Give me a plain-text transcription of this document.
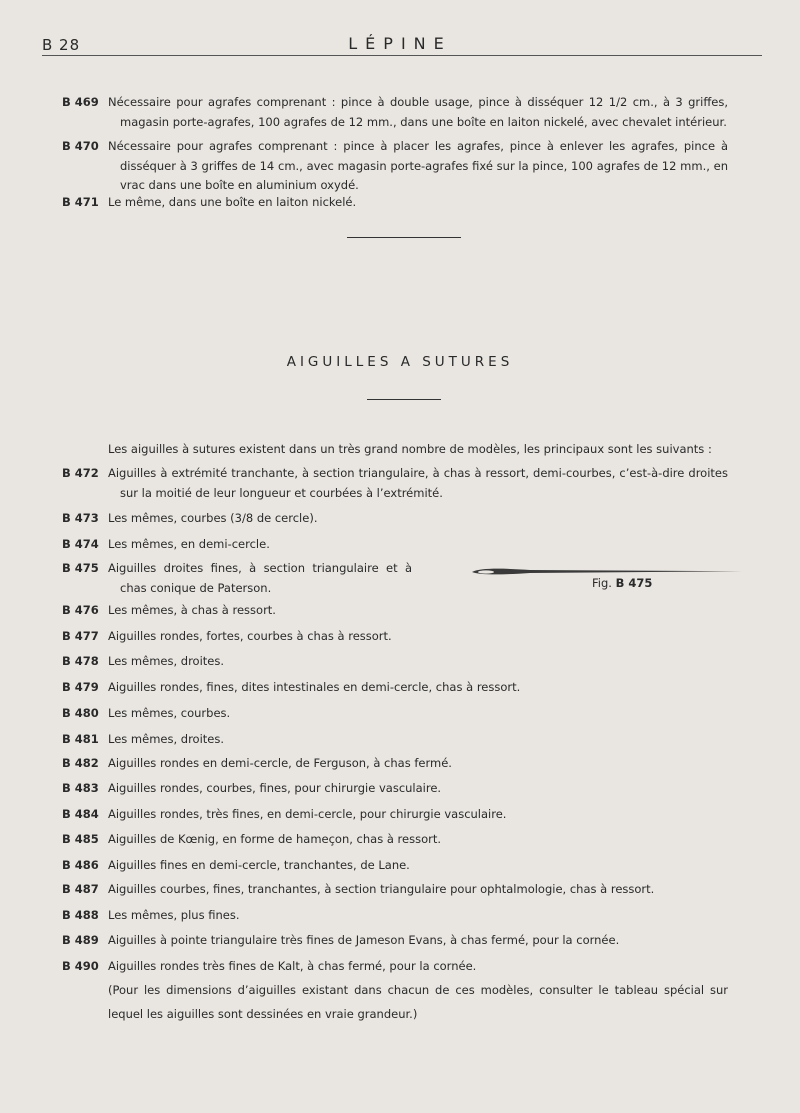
B 28	LÉPINE
B 469 Nécessaire pour agrafes comprenant : pince à double usage, pince à disséquer 12 1/2 cm., à 3 griffes, magasin porte-agrafes, 100 agrafes de 12 mm., dans une boîte en laiton nickelé, avec chevalet intérieur.
B 470 Nécessaire pour agrafes comprenant : pince à placer les agrafes, pince à enlever les agrafes, pince à disséquer à 3 griffes de 14 cm., avec magasin porte-agrafes fixé sur la pince, 100 agrafes de 12 mm., en vrac dans une boîte en aluminium oxydé.
B 471 Le même, dans une boîte en laiton nickelé.
AIGUILLES A SUTURES
Les aiguilles à sutures existent dans un très grand nombre de modèles, les principaux sont les suivants :
B 472 Aiguilles à extrémité tranchante, à section triangulaire, à chas à ressort, demi-courbes, c’est-à-dire droites sur la moitié de leur longueur et courbées à l’extrémité.
B 473 Les mêmes, courbes (3/8 de cercle).
B 474 Les mêmes, en demi-cercle.
B 475 Aiguilles droites fines, à section triangulaire et à chas conique de Paterson.	Fig. B 475
B 476 Les mêmes, à chas à ressort.
B 477 Aiguilles rondes, fortes, courbes à chas à ressort.
B 478 Les mêmes, droites.
B 479 Aiguilles rondes, fines, dites intestinales en demi-cercle, chas à ressort.
B 480 Les mêmes, courbes.
B 481 Les mêmes, droites.
B 482 Aiguilles rondes en demi-cercle, de Ferguson, à chas fermé.
B 483 Aiguilles rondes, courbes, fines, pour chirurgie vasculaire.
B 484 Aiguilles rondes, très fines, en demi-cercle, pour chirurgie vasculaire.
B 485 Aiguilles de Kœnig, en forme de hameçon, chas à ressort.
B 486 Aiguilles fines en demi-cercle, tranchantes, de Lane.
B 487 Aiguilles courbes, fines, tranchantes, à section triangulaire pour ophtalmologie, chas à ressort.
B 488 Les mêmes, plus fines.
B 489 Aiguilles à pointe triangulaire très fines de Jameson Evans, à chas fermé, pour la cornée.
B 490 Aiguilles rondes très fines de Kalt, à chas fermé, pour la cornée.
(Pour les dimensions d’aiguilles existant dans chacun de ces modèles, consulter le tableau spécial sur lequel les aiguilles sont dessinées en vraie grandeur.)
